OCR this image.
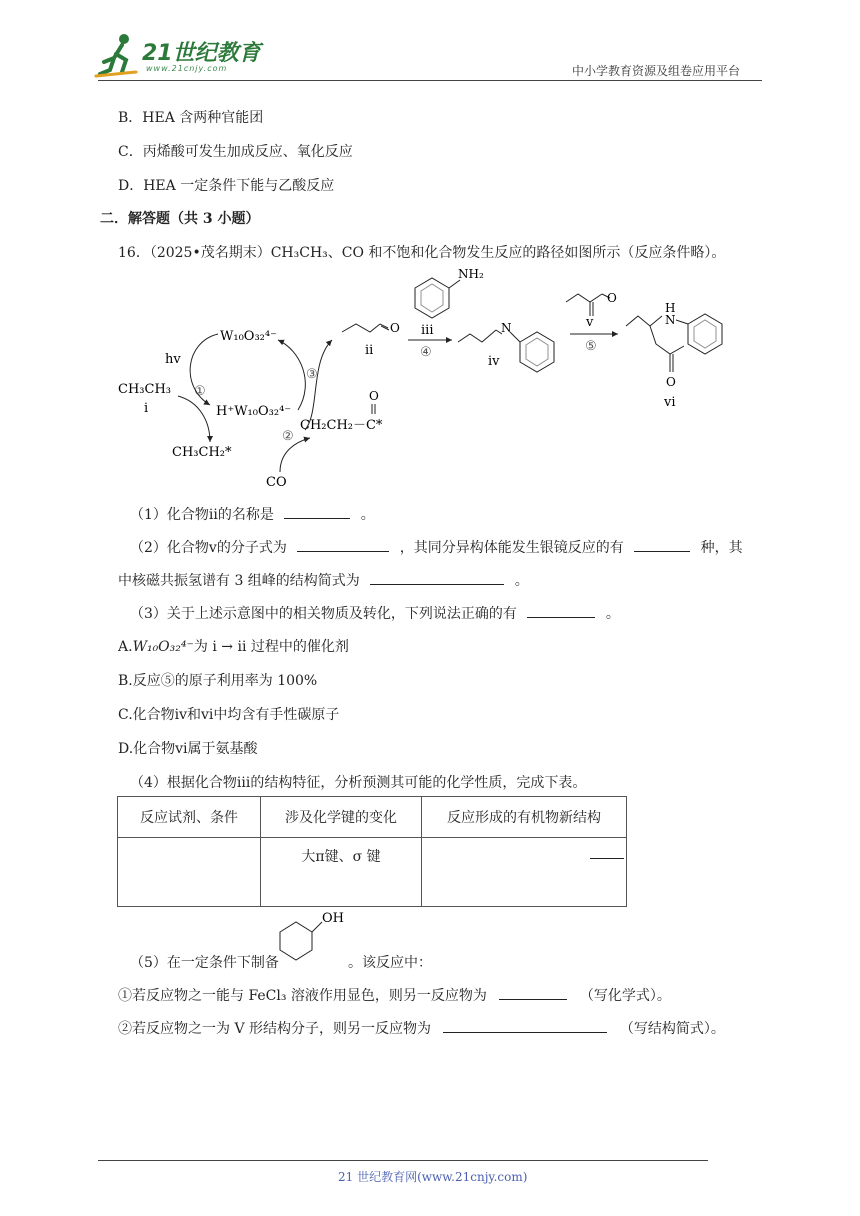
21世纪教育
www.21cnjy.com	中小学教育资源及组卷应用平台
B．HEA 含两种官能团
C．丙烯酸可发生加成反应、氧化反应
D．HEA 一定条件下能与乙酸反应
二．解答题（共 3 小题）
16．（2025•茂名期末）CH₃CH₃、CO 和不饱和化合物发生反应的路径如图所示（反应条件略）。
hv
W₁₀O₃₂⁴⁻
CH₃CH₃
i
①
H⁺W₁₀O₃₂⁴⁻
CH₃CH₂*
②
CO
③
O
CH₂CH₂－C*
O
ii
NH₂
iii
④
N
iv
O
v
⑤
H
N
O
vi
（1）化合物ⅱ的名称是	。
（2）化合物ⅴ的分子式为	，其同分异构体能发生银镜反应的有	种，其
中核磁共振氢谱有 3 组峰的结构简式为	。
（3）关于上述示意图中的相关物质及转化，下列说法正确的有	。
A.W₁₀O₃₂⁴⁻为 ⅰ → ⅱ 过程中的催化剂
B.反应⑤的原子利用率为 100%
C.化合物ⅳ和ⅵ中均含有手性碳原子
D.化合物ⅵ属于氨基酸
（4）根据化合物ⅲ的结构特征，分析预测其可能的化学性质，完成下表。
反应试剂、条件	涉及化学键的变化	反应形成的有机物新结构
	大π键、σ 键	
（5）在一定条件下制备
OH
。该反应中：
①若反应物之一能与 FeCl₃ 溶液作用显色，则另一反应物为	（写化学式）。
②若反应物之一为 V 形结构分子，则另一反应物为	（写结构简式）。
21 世纪教育网(www.21cnjy.com)
